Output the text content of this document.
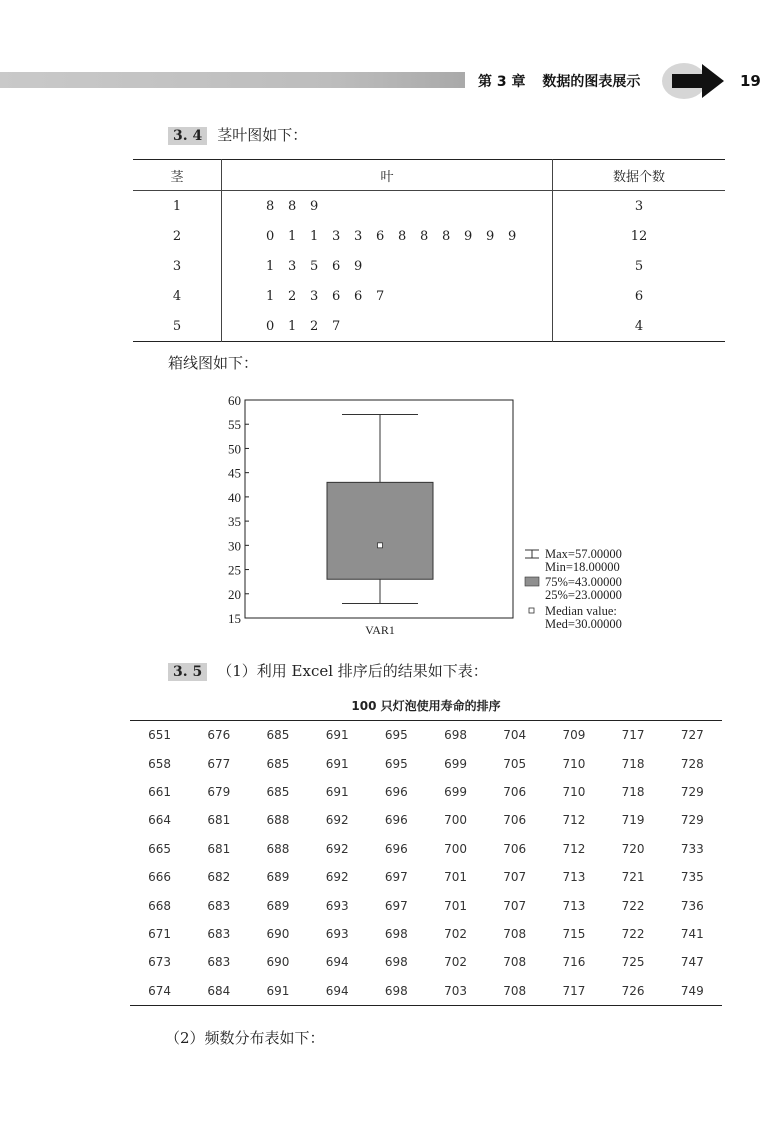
第 3 章 数据的图表展示	19
3. 4 茎叶图如下：
茎	叶	数据个数
1	8 8 9	3
2	0 1 1 3 3 6 8 8 8 9 9 9	12
3	1 3 5 6 9	5
4	1 2 3 6 6 7	6
5	0 1 2 7	4
箱线图如下：
15
20
25
30
35
40
45
50
55
60
VAR1
Max=57.00000
Min=18.00000
75%=43.00000
25%=23.00000
Median value:
Med=30.00000
3. 5 （1）利用 Excel 排序后的结果如下表：
100 只灯泡使用寿命的排序
651	676	685	691	695	698	704	709	717	727
658	677	685	691	695	699	705	710	718	728
661	679	685	691	696	699	706	710	718	729
664	681	688	692	696	700	706	712	719	729
665	681	688	692	696	700	706	712	720	733
666	682	689	692	697	701	707	713	721	735
668	683	689	693	697	701	707	713	722	736
671	683	690	693	698	702	708	715	722	741
673	683	690	694	698	702	708	716	725	747
674	684	691	694	698	703	708	717	726	749
（2）频数分布表如下：
